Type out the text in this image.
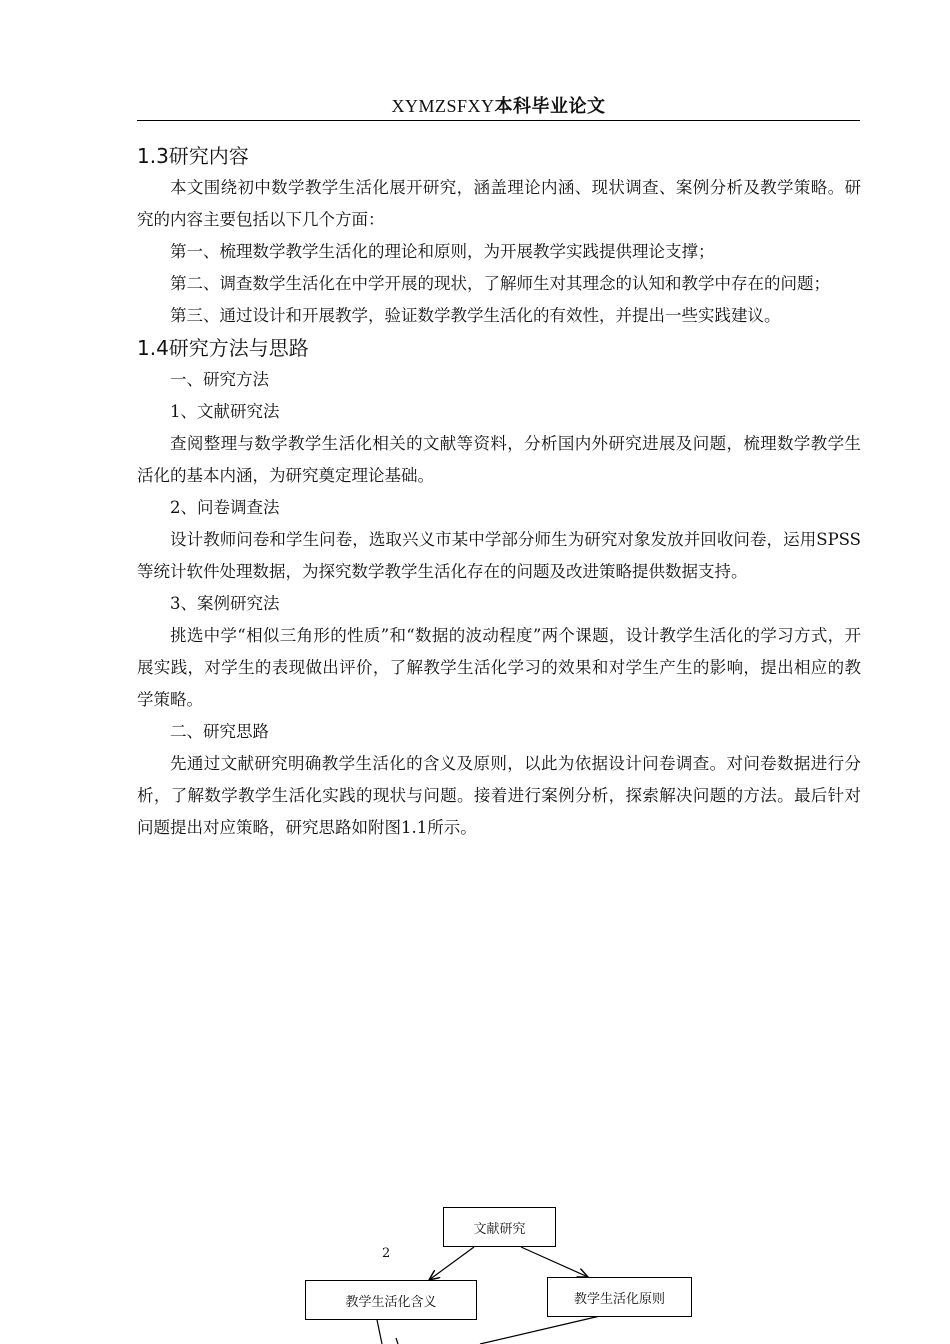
XYMZSFXY本科毕业论文
1.3研究内容

本文围绕初中数学教学生活化展开研究，涵盖理论内涵、现状调查、案例分析及教学策略。研究的内容主要包括以下几个方面：

第一、梳理数学教学生活化的理论和原则，为开展教学实践提供理论支撑；

第二、调查数学生活化在中学开展的现状，了解师生对其理念的认知和教学中存在的问题；

第三、通过设计和开展教学，验证数学教学生活化的有效性，并提出一些实践建议。

1.4研究方法与思路

一、研究方法

1、文献研究法

查阅整理与数学教学生活化相关的文献等资料，分析国内外研究进展及问题，梳理数学教学生活化的基本内涵，为研究奠定理论基础。

2、问卷调查法

设计教师问卷和学生问卷，选取兴义市某中学部分师生为研究对象发放并回收问卷，运用SPSS等统计软件处理数据，为探究数学教学生活化存在的问题及改进策略提供数据支持。

3、案例研究法

挑选中学“相似三角形的性质”和“数据的波动程度”两个课题，设计教学生活化的学习方式，开展实践，对学生的表现做出评价，了解教学生活化学习的效果和对学生产生的影响，提出相应的教学策略。

二、研究思路

先通过文献研究明确教学生活化的含义及原则，以此为依据设计问卷调查。对问卷数据进行分析，了解数学教学生活化实践的现状与问题。接着进行案例分析，探索解决问题的方法。最后针对问题提出对应策略，研究思路如附图1.1所示。

文献研究
教学生活化含义	教学生活化原则
2
